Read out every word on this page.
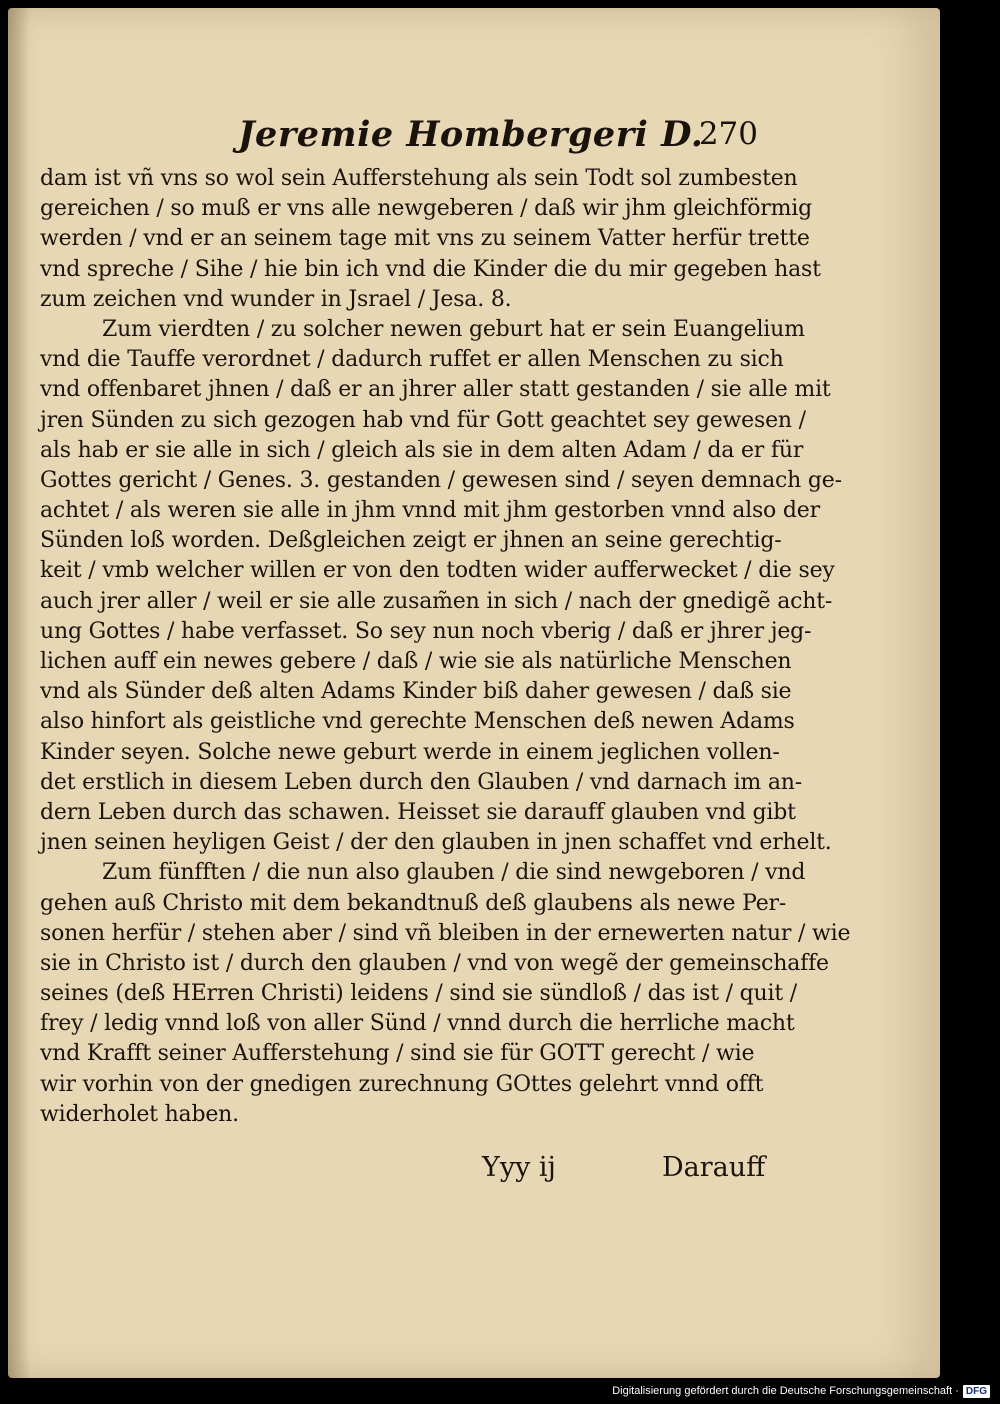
Jeremie Hombergeri D.
270
dam ist vñ vns so wol sein Aufferstehung als sein Todt sol zumbesten
gereichen / so muß er vns alle newgeberen / daß wir jhm gleichförmig
werden / vnd er an seinem tage mit vns zu seinem Vatter herfür trette
vnd spreche / Sihe / hie bin ich vnd die Kinder die du mir gegeben hast
zum zeichen vnd wunder in Jsrael / Jesa. 8.
Zum vierdten / zu solcher newen geburt hat er sein Euangelium
vnd die Tauffe verordnet / dadurch ruffet er allen Menschen zu sich
vnd offenbaret jhnen / daß er an jhrer aller statt gestanden / sie alle mit
jren Sünden zu sich gezogen hab vnd für Gott geachtet sey gewesen /
als hab er sie alle in sich / gleich als sie in dem alten Adam / da er für
Gottes gericht / Genes. 3. gestanden / gewesen sind / seyen demnach ge-
achtet / als weren sie alle in jhm vnnd mit jhm gestorben vnnd also der
Sünden loß worden. Deßgleichen zeigt er jhnen an seine gerechtig-
keit / vmb welcher willen er von den todten wider aufferwecket / die sey
auch jrer aller / weil er sie alle zusam̃en in sich / nach der gnedigẽ acht-
ung Gottes / habe verfasset. So sey nun noch vberig / daß er jhrer jeg-
lichen auff ein newes gebere / daß / wie sie als natürliche Menschen
vnd als Sünder deß alten Adams Kinder biß daher gewesen / daß sie
also hinfort als geistliche vnd gerechte Menschen deß newen Adams
Kinder seyen. Solche newe geburt werde in einem jeglichen vollen-
det erstlich in diesem Leben durch den Glauben / vnd darnach im an-
dern Leben durch das schawen. Heisset sie darauff glauben vnd gibt
jnen seinen heyligen Geist / der den glauben in jnen schaffet vnd erhelt.
Zum fünfften / die nun also glauben / die sind newgeboren / vnd
gehen auß Christo mit dem bekandtnuß deß glaubens als newe Per-
sonen herfür / stehen aber / sind vñ bleiben in der ernewerten natur / wie
sie in Christo ist / durch den glauben / vnd von wegẽ der gemeinschaffe
seines (deß HErren Christi) leidens / sind sie sündloß / das ist / quit /
frey / ledig vnnd loß von aller Sünd / vnnd durch die herrliche macht
vnd Krafft seiner Aufferstehung / sind sie für GOTT gerecht / wie
wir vorhin von der gnedigen zurechnung GOttes gelehrt vnnd offt
widerholet haben.
Yyy ij	Darauff
Digitalisierung gefördert durch die Deutsche Forschungsgemeinschaft · DFG
